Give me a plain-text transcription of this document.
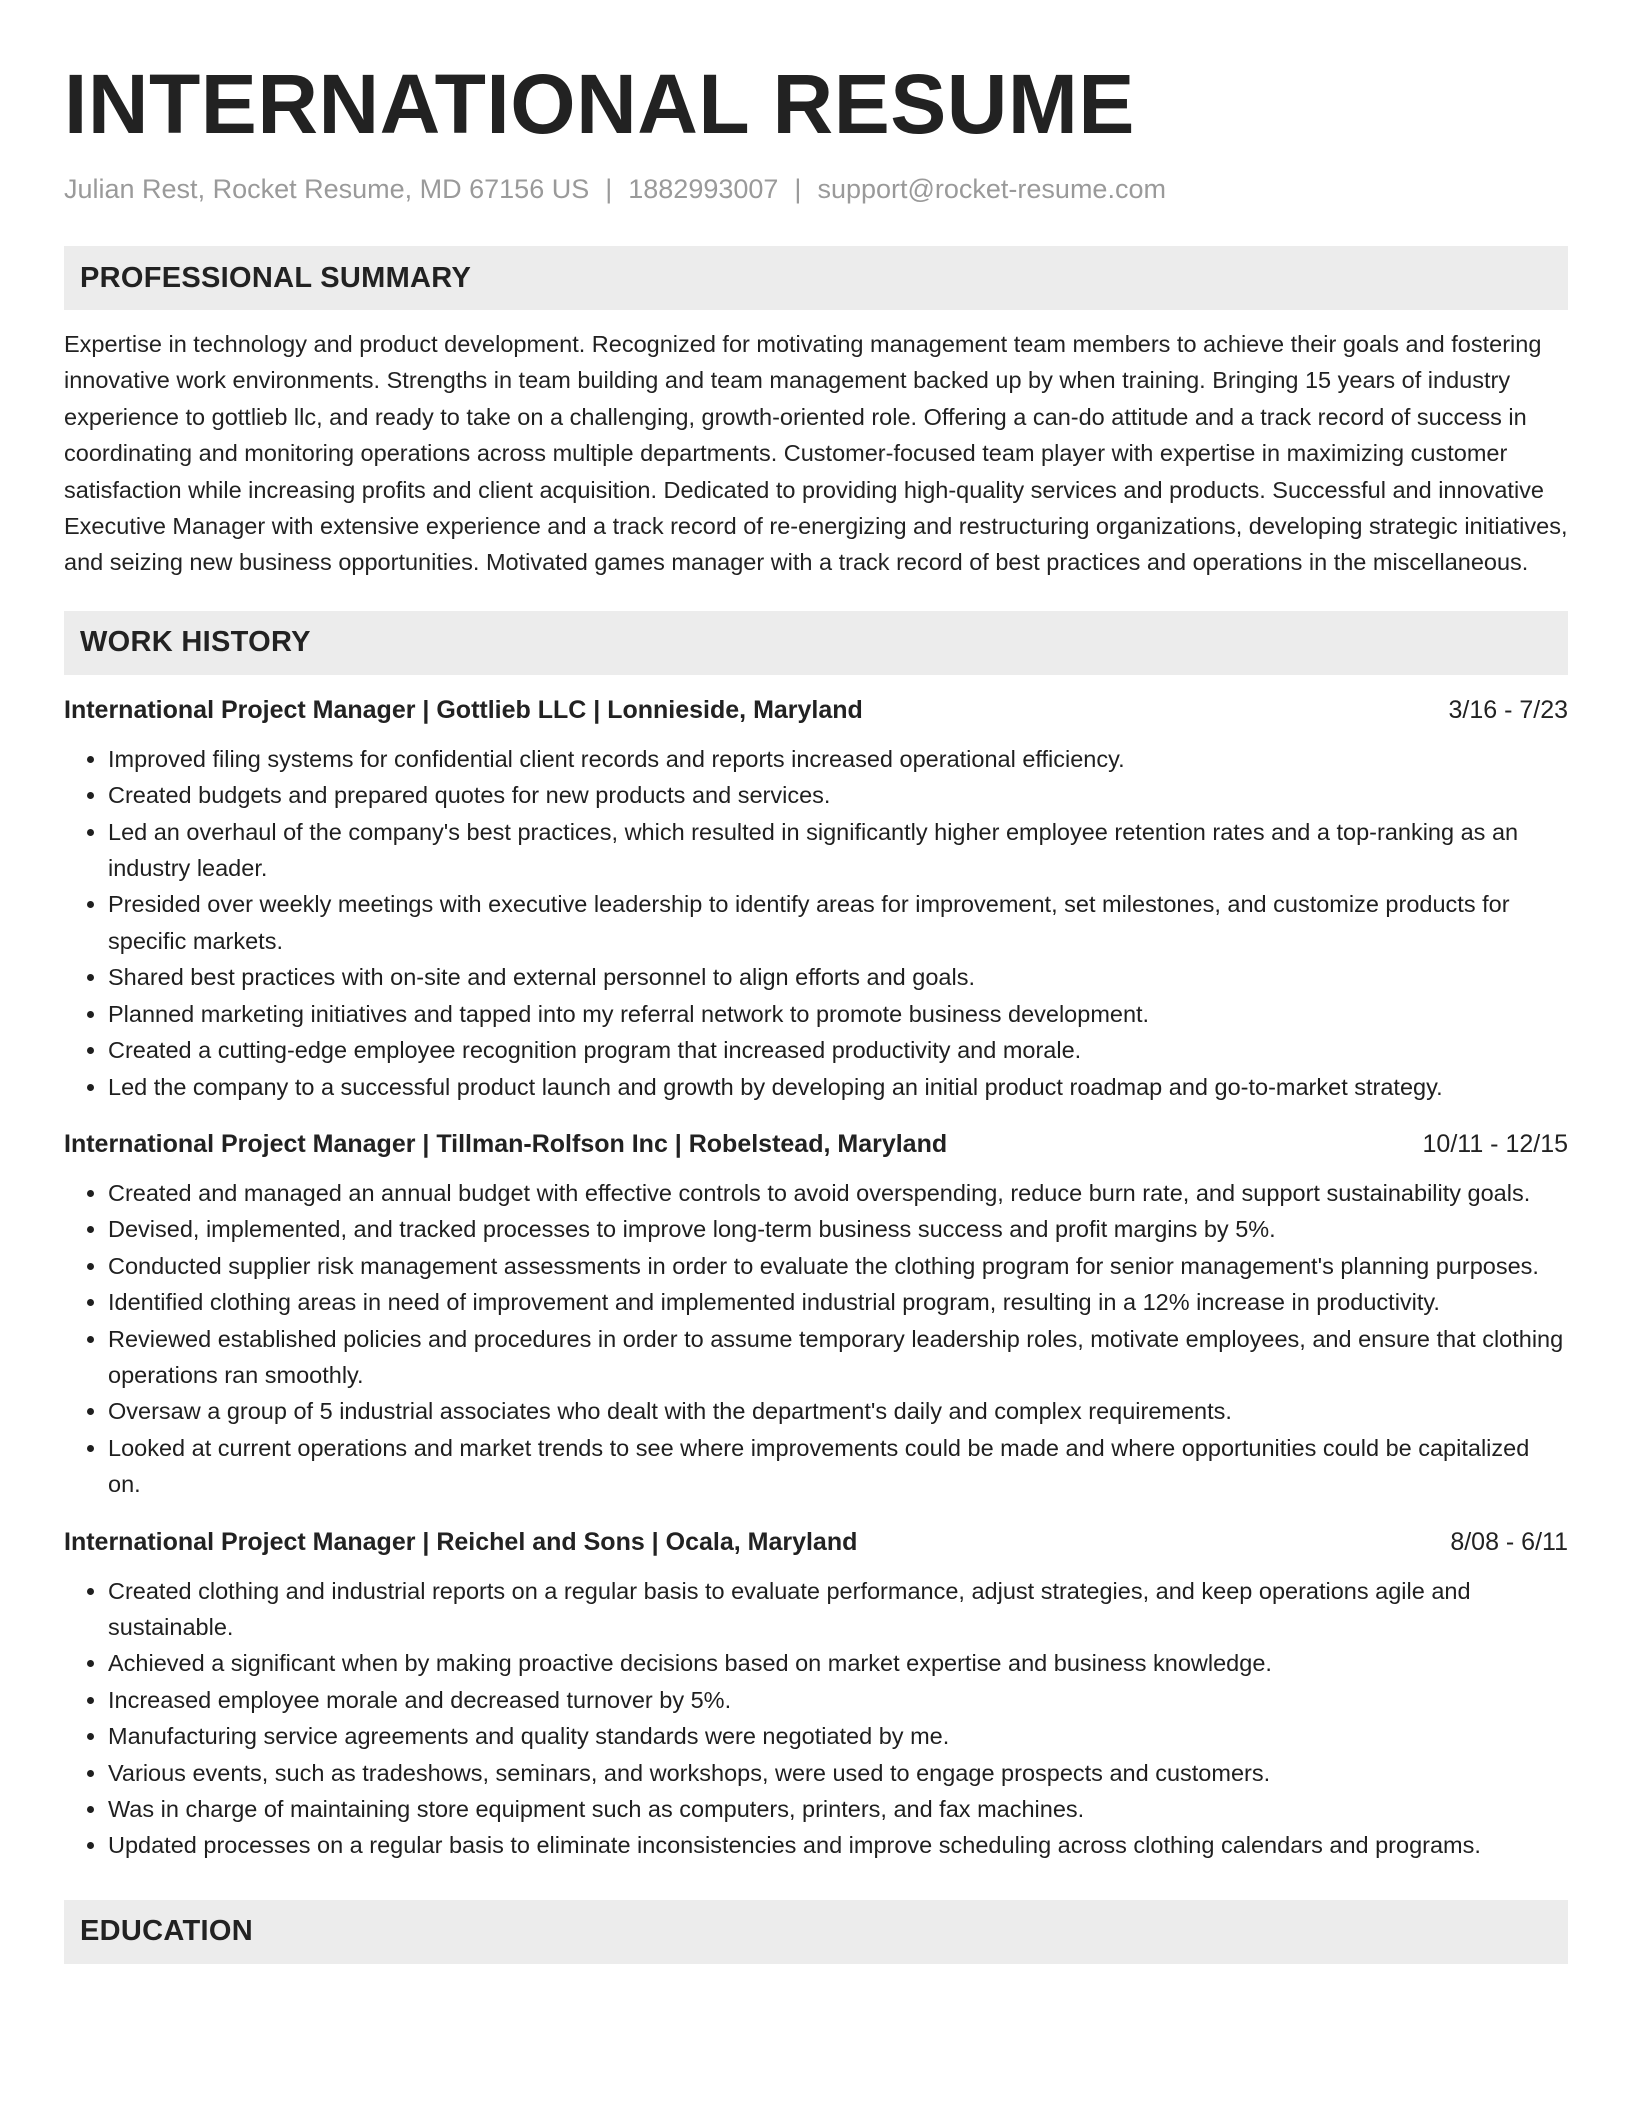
INTERNATIONAL RESUME
Julian Rest, Rocket Resume, MD 67156 US | 1882993007 | support@rocket-resume.com
PROFESSIONAL SUMMARY
Expertise in technology and product development. Recognized for motivating management team members to achieve their goals and fostering innovative work environments. Strengths in team building and team management backed up by when training. Bringing 15 years of industry experience to gottlieb llc, and ready to take on a challenging, growth-oriented role. Offering a can-do attitude and a track record of success in coordinating and monitoring operations across multiple departments. Customer-focused team player with expertise in maximizing customer satisfaction while increasing profits and client acquisition. Dedicated to providing high-quality services and products. Successful and innovative Executive Manager with extensive experience and a track record of re-energizing and restructuring organizations, developing strategic initiatives, and seizing new business opportunities. Motivated games manager with a track record of best practices and operations in the miscellaneous.
WORK HISTORY
International Project Manager | Gottlieb LLC | Lonnieside, Maryland	3/16 - 7/23
• Improved filing systems for confidential client records and reports increased operational efficiency.
• Created budgets and prepared quotes for new products and services.
• Led an overhaul of the company's best practices, which resulted in significantly higher employee retention rates and a top-ranking as an industry leader.
• Presided over weekly meetings with executive leadership to identify areas for improvement, set milestones, and customize products for specific markets.
• Shared best practices with on-site and external personnel to align efforts and goals.
• Planned marketing initiatives and tapped into my referral network to promote business development.
• Created a cutting-edge employee recognition program that increased productivity and morale.
• Led the company to a successful product launch and growth by developing an initial product roadmap and go-to-market strategy.
International Project Manager | Tillman-Rolfson Inc | Robelstead, Maryland	10/11 - 12/15
• Created and managed an annual budget with effective controls to avoid overspending, reduce burn rate, and support sustainability goals.
• Devised, implemented, and tracked processes to improve long-term business success and profit margins by 5%.
• Conducted supplier risk management assessments in order to evaluate the clothing program for senior management's planning purposes.
• Identified clothing areas in need of improvement and implemented industrial program, resulting in a 12% increase in productivity.
• Reviewed established policies and procedures in order to assume temporary leadership roles, motivate employees, and ensure that clothing operations ran smoothly.
• Oversaw a group of 5 industrial associates who dealt with the department's daily and complex requirements.
• Looked at current operations and market trends to see where improvements could be made and where opportunities could be capitalized on.
International Project Manager | Reichel and Sons | Ocala, Maryland	8/08 - 6/11
• Created clothing and industrial reports on a regular basis to evaluate performance, adjust strategies, and keep operations agile and sustainable.
• Achieved a significant when by making proactive decisions based on market expertise and business knowledge.
• Increased employee morale and decreased turnover by 5%.
• Manufacturing service agreements and quality standards were negotiated by me.
• Various events, such as tradeshows, seminars, and workshops, were used to engage prospects and customers.
• Was in charge of maintaining store equipment such as computers, printers, and fax machines.
• Updated processes on a regular basis to eliminate inconsistencies and improve scheduling across clothing calendars and programs.
EDUCATION
